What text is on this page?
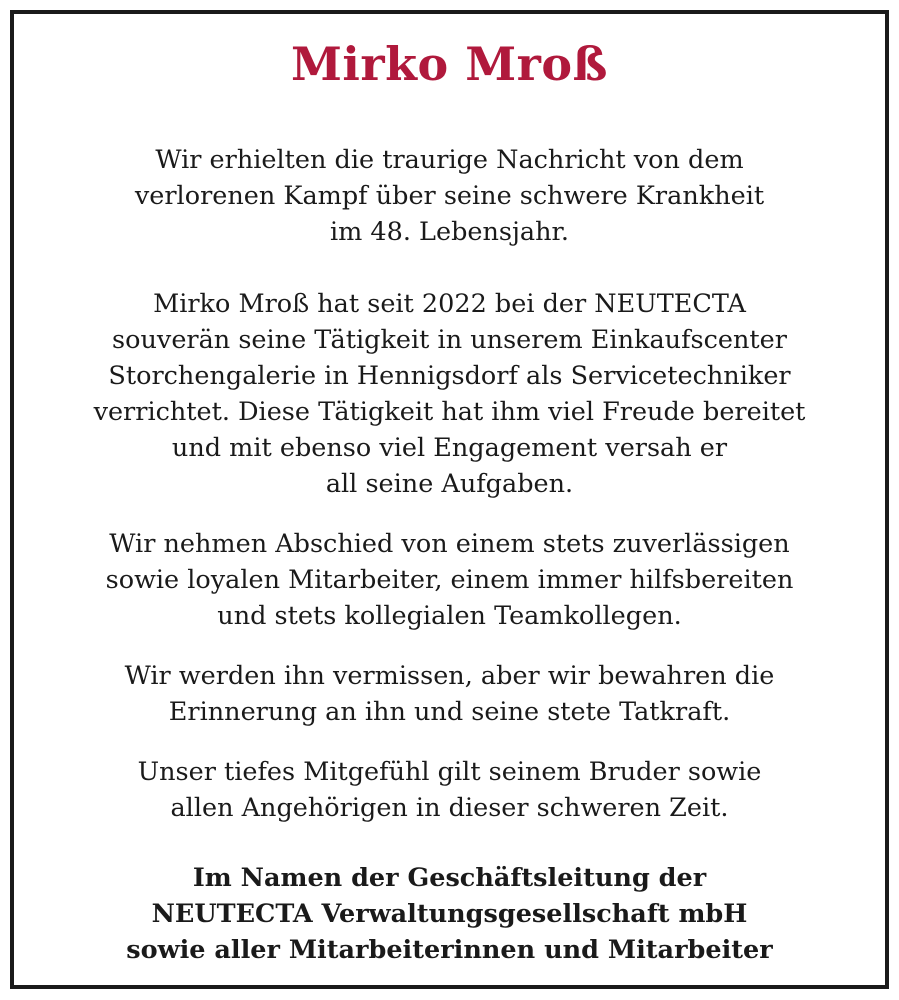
Mirko Mroß

Wir erhielten die traurige Nachricht von dem
verlorenen Kampf über seine schwere Krankheit
im 48. Lebensjahr.

Mirko Mroß hat seit 2022 bei der NEUTECTA
souverän seine Tätigkeit in unserem Einkaufscenter
Storchengalerie in Hennigsdorf als Servicetechniker
verrichtet. Diese Tätigkeit hat ihm viel Freude bereitet
und mit ebenso viel Engagement versah er
all seine Aufgaben.

Wir nehmen Abschied von einem stets zuverlässigen
sowie loyalen Mitarbeiter, einem immer hilfsbereiten
und stets kollegialen Teamkollegen.

Wir werden ihn vermissen, aber wir bewahren die
Erinnerung an ihn und seine stete Tatkraft.

Unser tiefes Mitgefühl gilt seinem Bruder sowie
allen Angehörigen in dieser schweren Zeit.

Im Namen der Geschäftsleitung der
NEUTECTA Verwaltungsgesellschaft mbH
sowie aller Mitarbeiterinnen und Mitarbeiter
